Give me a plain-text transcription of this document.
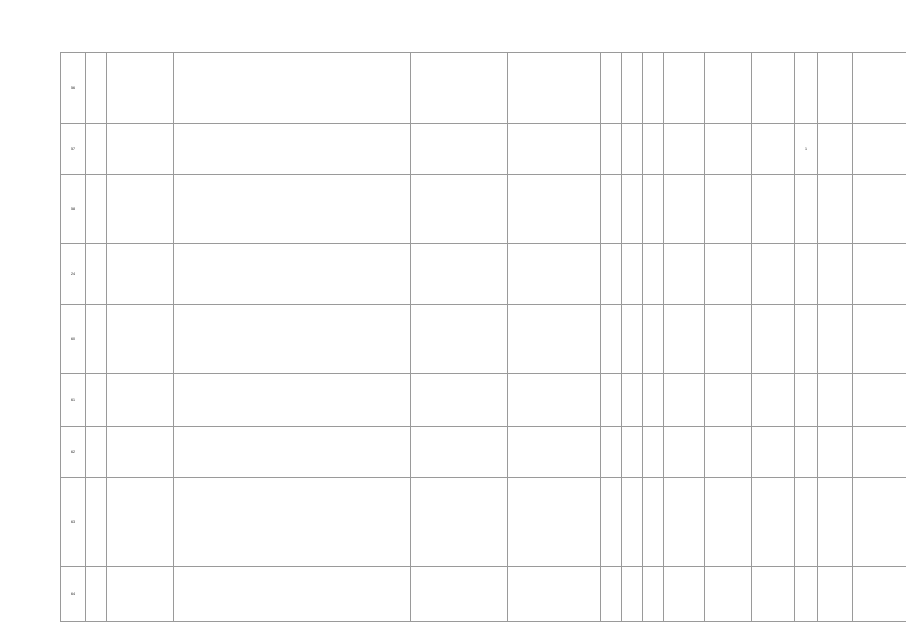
56			

57												1		
58			

24			

60			

61			

62			

63			

64			
